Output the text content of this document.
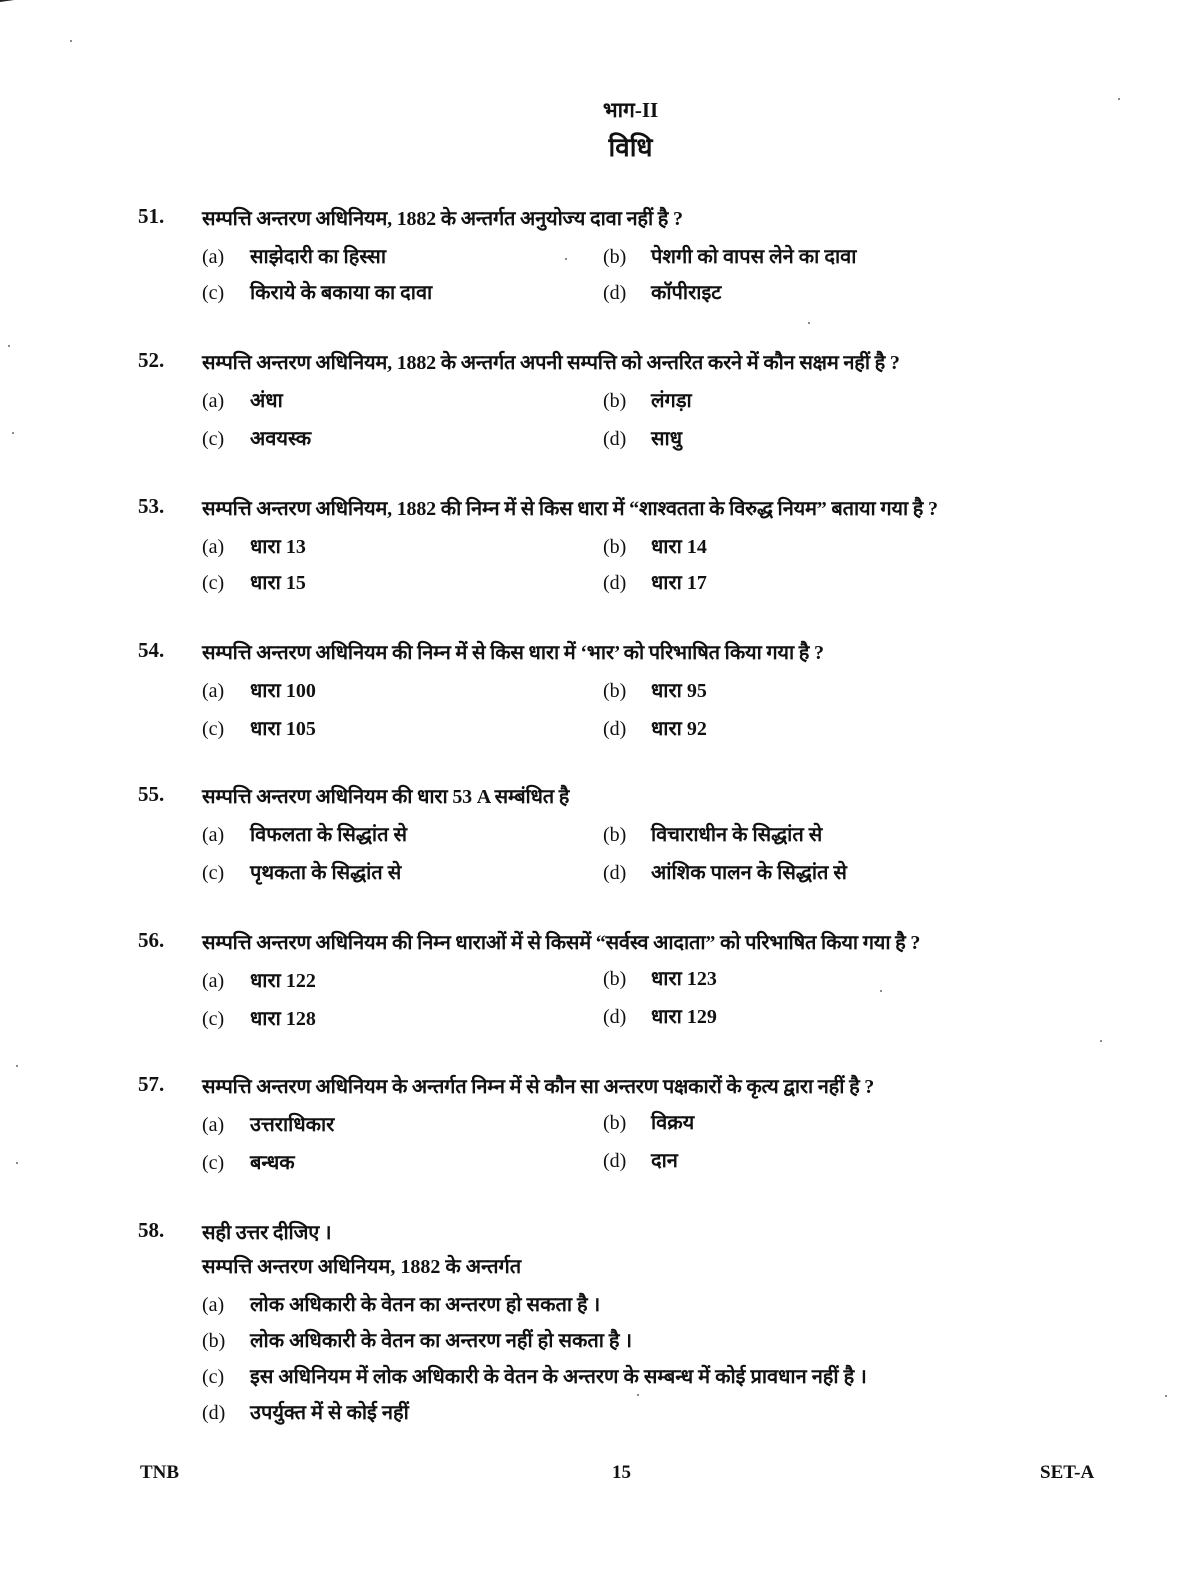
भाग-II
विधि
51. सम्पत्ति अन्तरण अधिनियम, 1882 के अन्तर्गत अनुयोज्य दावा नहीं है ?
(a) साझेदारी का हिस्सा	(b) पेशगी को वापस लेने का दावा
(c) किराये के बकाया का दावा	(d) कॉपीराइट
52. सम्पत्ति अन्तरण अधिनियम, 1882 के अन्तर्गत अपनी सम्पत्ति को अन्तरित करने में कौन सक्षम नहीं है ?
(a) अंधा	(b) लंगड़ा
(c) अवयस्क	(d) साधु
53. सम्पत्ति अन्तरण अधिनियम, 1882 की निम्न में से किस धारा में “शाश्वतता के विरुद्ध नियम” बताया गया है ?
(a) धारा 13	(b) धारा 14
(c) धारा 15	(d) धारा 17
54. सम्पत्ति अन्तरण अधिनियम की निम्न में से किस धारा में ‘भार’ को परिभाषित किया गया है ?
(a) धारा 100	(b) धारा 95
(c) धारा 105	(d) धारा 92
55. सम्पत्ति अन्तरण अधिनियम की धारा 53 A सम्बंधित है
(a) विफलता के सिद्धांत से	(b) विचाराधीन के सिद्धांत से
(c) पृथकता के सिद्धांत से	(d) आंशिक पालन के सिद्धांत से
56. सम्पत्ति अन्तरण अधिनियम की निम्न धाराओं में से किसमें “सर्वस्व आदाता” को परिभाषित किया गया है ?
(a) धारा 122	(b) धारा 123
(c) धारा 128	(d) धारा 129
57. सम्पत्ति अन्तरण अधिनियम के अन्तर्गत निम्न में से कौन सा अन्तरण पक्षकारों के कृत्य द्वारा नहीं है ?
(a) उत्तराधिकार	(b) विक्रय
(c) बन्धक	(d) दान
58. सही उत्तर दीजिए ।
सम्पत्ति अन्तरण अधिनियम, 1882 के अन्तर्गत
(a) लोक अधिकारी के वेतन का अन्तरण हो सकता है ।
(b) लोक अधिकारी के वेतन का अन्तरण नहीं हो सकता है ।
(c) इस अधिनियम में लोक अधिकारी के वेतन के अन्तरण के सम्बन्ध में कोई प्रावधान नहीं है ।
(d) उपर्युक्त में से कोई नहीं
TNB	15	SET-A
